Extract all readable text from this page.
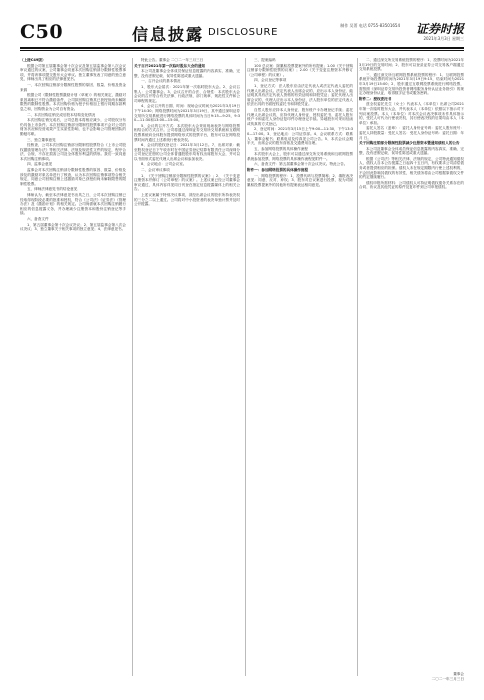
C50	信息披露 DISCLOSURE
制作 吴菁 电话 0755-83501654 证券时报
2021年3月3日 星期三

（上接C49版）

根据公司第五届董事会第十次会议及第五届监事会第八次会议审议通过的议案，公司董事会同意本次回购注销部分限制性股票事项，并将该事项提交股东大会审议。独立董事发表了同意的独立意见，律师出具了相应的法律意见书。

一、本次回购注销部分限制性股票的原因、数量、价格及资金来源

根据公司《限制性股票激励计划（草案）》的相关规定，激励对象因离职已不符合激励条件，公司拟回购注销其已获授但尚未解除限售的限制性股票。本次回购价格为授予价格加上银行同期存款利息之和，回购资金为公司自有资金。

二、本次回购注销完成后股本结构变化情况

本次回购注销完成后，公司总股本将相应减少，公司股权分布仍具备上市条件。本次回购注销部分限制性股票事项不会对公司的财务状况和经营成果产生实质性影响，也不会影响公司管理团队的勤勉尽职。

三、独立董事意见

经核查，公司本次回购注销部分限制性股票符合《上市公司股权激励管理办法》等相关法律、法规及规范性文件的规定，程序合法、合规，不存在损害公司及全体股东利益的情形。我们一致同意本次回购注销事项。

四、监事会意见

监事会对本次回购注销部分限制性股票的原因、数量、价格及涉及的激励对象名单进行了核查，认为本次回购注销事项符合相关规定，同意公司回购注销上述激励对象已获授但尚未解除限售的限制性股票。

五、律师法律意见书的结论意见

律师认为，截至本法律意见书出具之日，公司本次回购注销已经取得现阶段必要的批准和授权，符合《公司法》《证券法》《管理办法》及《激励计划》的相关规定。公司尚需就本次回购注销履行相应的信息披露义务，并办理减少注册资本和股份注销登记等手续。

六、备查文件

1、第五届董事会第十次会议决议；2、第五届监事会第八次会议决议；3、独立董事关于相关事项的独立意见；4、法律意见书。

特此公告。董事会 二〇二一年三月三日

关于召开2021年第一次临时股东大会的通知

本公司及董事会全体成员保证信息披露的内容真实、准确、完整，没有虚假记载、误导性陈述或重大遗漏。

一、召开会议的基本情况

1、股东大会届次：2021年第一次临时股东大会。2、会议召集人：公司董事会。3、会议召开的合法、合规性：本次股东大会会议的召开符合有关法律、行政法规、部门规章、规范性文件和公司章程的规定。

4、会议召开的日期、时间：现场会议时间为2021年3月19日下午14:30；网络投票时间为2021年3月19日，其中通过深圳证券交易所交易系统进行网络投票的具体时间为当日9:15—9:25，9:30—11:30和13:00—15:00。

5、会议的召开方式：本次股东大会采用现场表决与网络投票相结合的方式召开。公司将通过深圳证券交易所交易系统和互联网投票系统向全体股东提供网络形式的投票平台，股东可以在网络投票时间内通过上述系统行使表决权。

6、会议的股权登记日：2021年3月12日。7、出席对象：截至股权登记日下午收市时在中国证券登记结算有限责任公司深圳分公司登记在册的公司全体普通股股东均有权出席股东大会，并可以以书面形式委托代理人出席会议和参加表决。

8、会议地点：公司会议室。

二、会议审议事项

1、《关于回购注销部分限制性股票的议案》；2、《关于变更注册资本并修订〈公司章程〉的议案》。上述议案已经公司董事会审议通过，具体内容详见同日刊登在指定信息披露媒体上的相关公告。

上述议案属于特别决议事项，须经出席会议的股东所持表决权的三分之二以上通过。公司将对中小投资者的表决单独计票并及时公开披露。

三、提案编码

100 总议案：除累积投票提案外的所有提案；1.00《关于回购注销部分限制性股票的议案》；2.00《关于变更注册资本并修订〈公司章程〉的议案》。

四、会议登记等事项

1、登记方式：法人股东应由法定代表人或法定代表人委托的代理人出席会议。法定代表人出席会议的，应出示本人身份证、能证明其具有法定代表人资格的有效证明和持股凭证；委托代理人出席会议的，代理人应出示本人身份证、法人股东单位的法定代表人依法出具的书面授权委托书和持股凭证。

自然人股东应持本人身份证、股东账户卡办理登记手续；委托代理人出席会议的，应持代理人身份证、授权委托书、委托人股东账户卡和委托人身份证复印件办理登记手续。异地股东可采用信函或传真的方式登记。

2、登记时间：2021年3月15日上午9:00—11:30，下午13:30—17:00。3、登记地点：公司证券部。4、会议联系方式：联系人：董事会秘书；联系电话及传真见公司公告。5、本次会议会期半天，出席会议的股东食宿及交通费用自理。

五、参加网络投票的具体操作流程

本次股东大会上，股东可以通过深交所交易系统和互联网投票系统参加投票，网络投票的具体操作流程见附件一。

六、备查文件：第五届董事会第十次会议决议。特此公告。

附件一：参加网络投票的具体操作流程

一、网络投票的程序：1、投票代码与投票简称；2、填报表决意见：同意、反对、弃权；3、股东对总议案进行投票，视为对除累积投票提案外的其他所有提案表达相同意见。

二、通过深交所交易系统投票的程序：1、投票时间为2021年3月19日的交易时间；2、股东可以登录证券公司交易客户端通过交易系统投票。

三、通过深交所互联网投票系统投票的程序：1、互联网投票系统开始投票的时间为2021年3月19日9:15，结束时间为2021年3月19日15:00；2、股东通过互联网投票系统进行网络投票，需按照《深圳证券交易所投资者网络服务身份认证业务指引》的规定办理身份认证，取得数字证书或服务密码。

附件二：授权委托书

兹全权委托先生（女士）代表本人（本单位）出席公司2021年第一次临时股东大会，并代表本人（本单位）依照以下指示对下列议案投票。本人（本单位）对本次会议表决事项未作具体指示的，受托人可代为行使表决权，其行使表决权的后果均由本人（本单位）承担。

委托人签名（盖章）：委托人身份证号码：委托人股东账号：委托人持股数量：受托人签名：受托人身份证号码：委托日期：年 月 日。

关于回购注销部分限制性股票减少注册资本暨通知债权人的公告

本公司及董事会全体成员保证信息披露的内容真实、准确、完整，没有虚假记载、误导性陈述或重大遗漏。

根据《公司法》等相关法律、法规的规定，公司特此通知债权人，债权人自本公告披露之日起四十五日内，有权要求公司清偿债务或者提供相应的担保。债权人未在规定期限内行使上述权利的，不会因此影响其债权的有效性，相关债务将由公司根据原债权文件的约定继续履行。

债权申报所需材料：公司债权人可持证明债权债务关系存在的合同、协议及其他凭证的原件及复印件到公司申报债权。

董事会
二〇二一年三月三日
